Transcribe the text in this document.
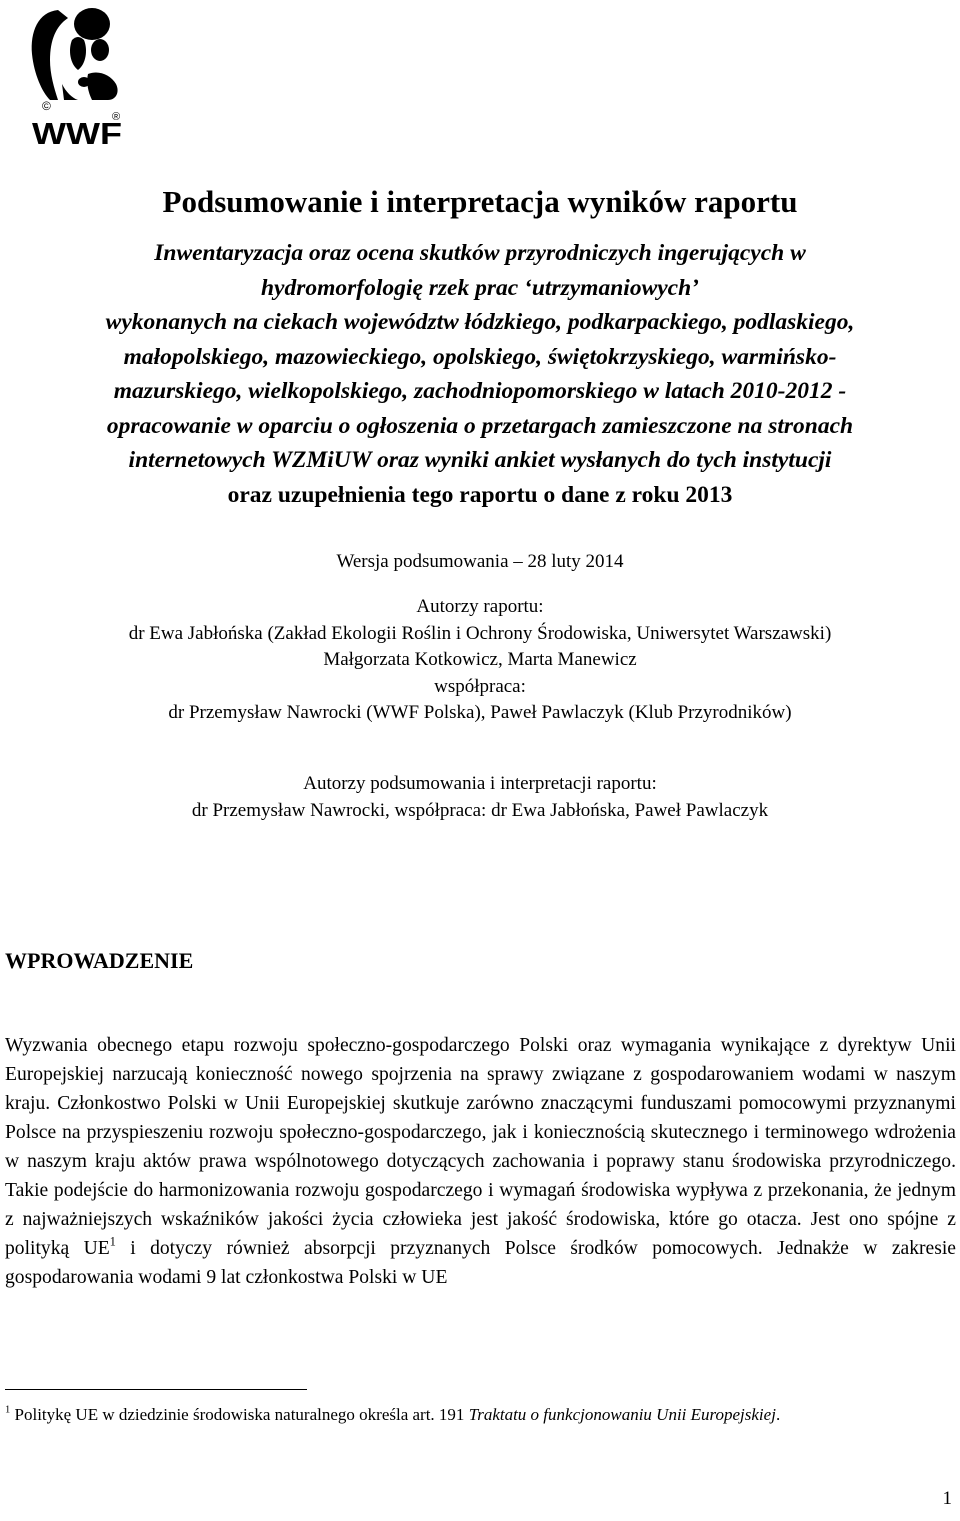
©
®
WWF
Podsumowanie i interpretacja wyników raportu
Inwentaryzacja oraz ocena skutków przyrodniczych ingerujących w
hydromorfologię rzek prac ‘utrzymaniowych’
wykonanych na ciekach województw łódzkiego, podkarpackiego, podlaskiego,
małopolskiego, mazowieckiego, opolskiego, świętokrzyskiego, warmińsko-
mazurskiego, wielkopolskiego, zachodniopomorskiego w latach 2010-2012 -
opracowanie w oparciu o ogłoszenia o przetargach zamieszczone na stronach
internetowych WZMiUW oraz wyniki ankiet wysłanych do tych instytucji
oraz uzupełnienia tego raportu o dane z roku 2013
Wersja podsumowania – 28 luty 2014
Autorzy raportu:
dr Ewa Jabłońska (Zakład Ekologii Roślin i Ochrony Środowiska, Uniwersytet Warszawski)
Małgorzata Kotkowicz, Marta Manewicz
współpraca:
dr Przemysław Nawrocki (WWF Polska), Paweł Pawlaczyk (Klub Przyrodników)
Autorzy podsumowania i interpretacji raportu:
dr Przemysław Nawrocki, współpraca: dr Ewa Jabłońska, Paweł Pawlaczyk
WPROWADZENIE

Wyzwania obecnego etapu rozwoju społeczno-gospodarczego Polski oraz wymagania wynikające z dyrektyw Unii Europejskiej narzucają konieczność nowego spojrzenia na sprawy związane z gospodarowaniem wodami w naszym kraju. Członkostwo Polski w Unii Europejskiej skutkuje zarówno znaczącymi funduszami pomocowymi przyznanymi Polsce na przyspieszeniu rozwoju społeczno-gospodarczego, jak i koniecznością skutecznego i terminowego wdrożenia w naszym kraju aktów prawa wspólnotowego dotyczących zachowania i poprawy stanu środowiska przyrodniczego. Takie podejście do harmonizowania rozwoju gospodarczego i wymagań środowiska wypływa z przekonania, że jednym z najważniejszych wskaźników jakości życia człowieka jest jakość środowiska, które go otacza. Jest ono spójne z polityką $UE^1$ i dotyczy również absorpcji przyznanych Polsce środków pomocowych. Jednakże w zakresie gospodarowania wodami 9 lat członkostwa Polski w UE

$^1$ Politykę UE w dziedzinie środowiska naturalnego określa art. 191 Traktatu o funkcjonowaniu Unii Europejskiej.

1
